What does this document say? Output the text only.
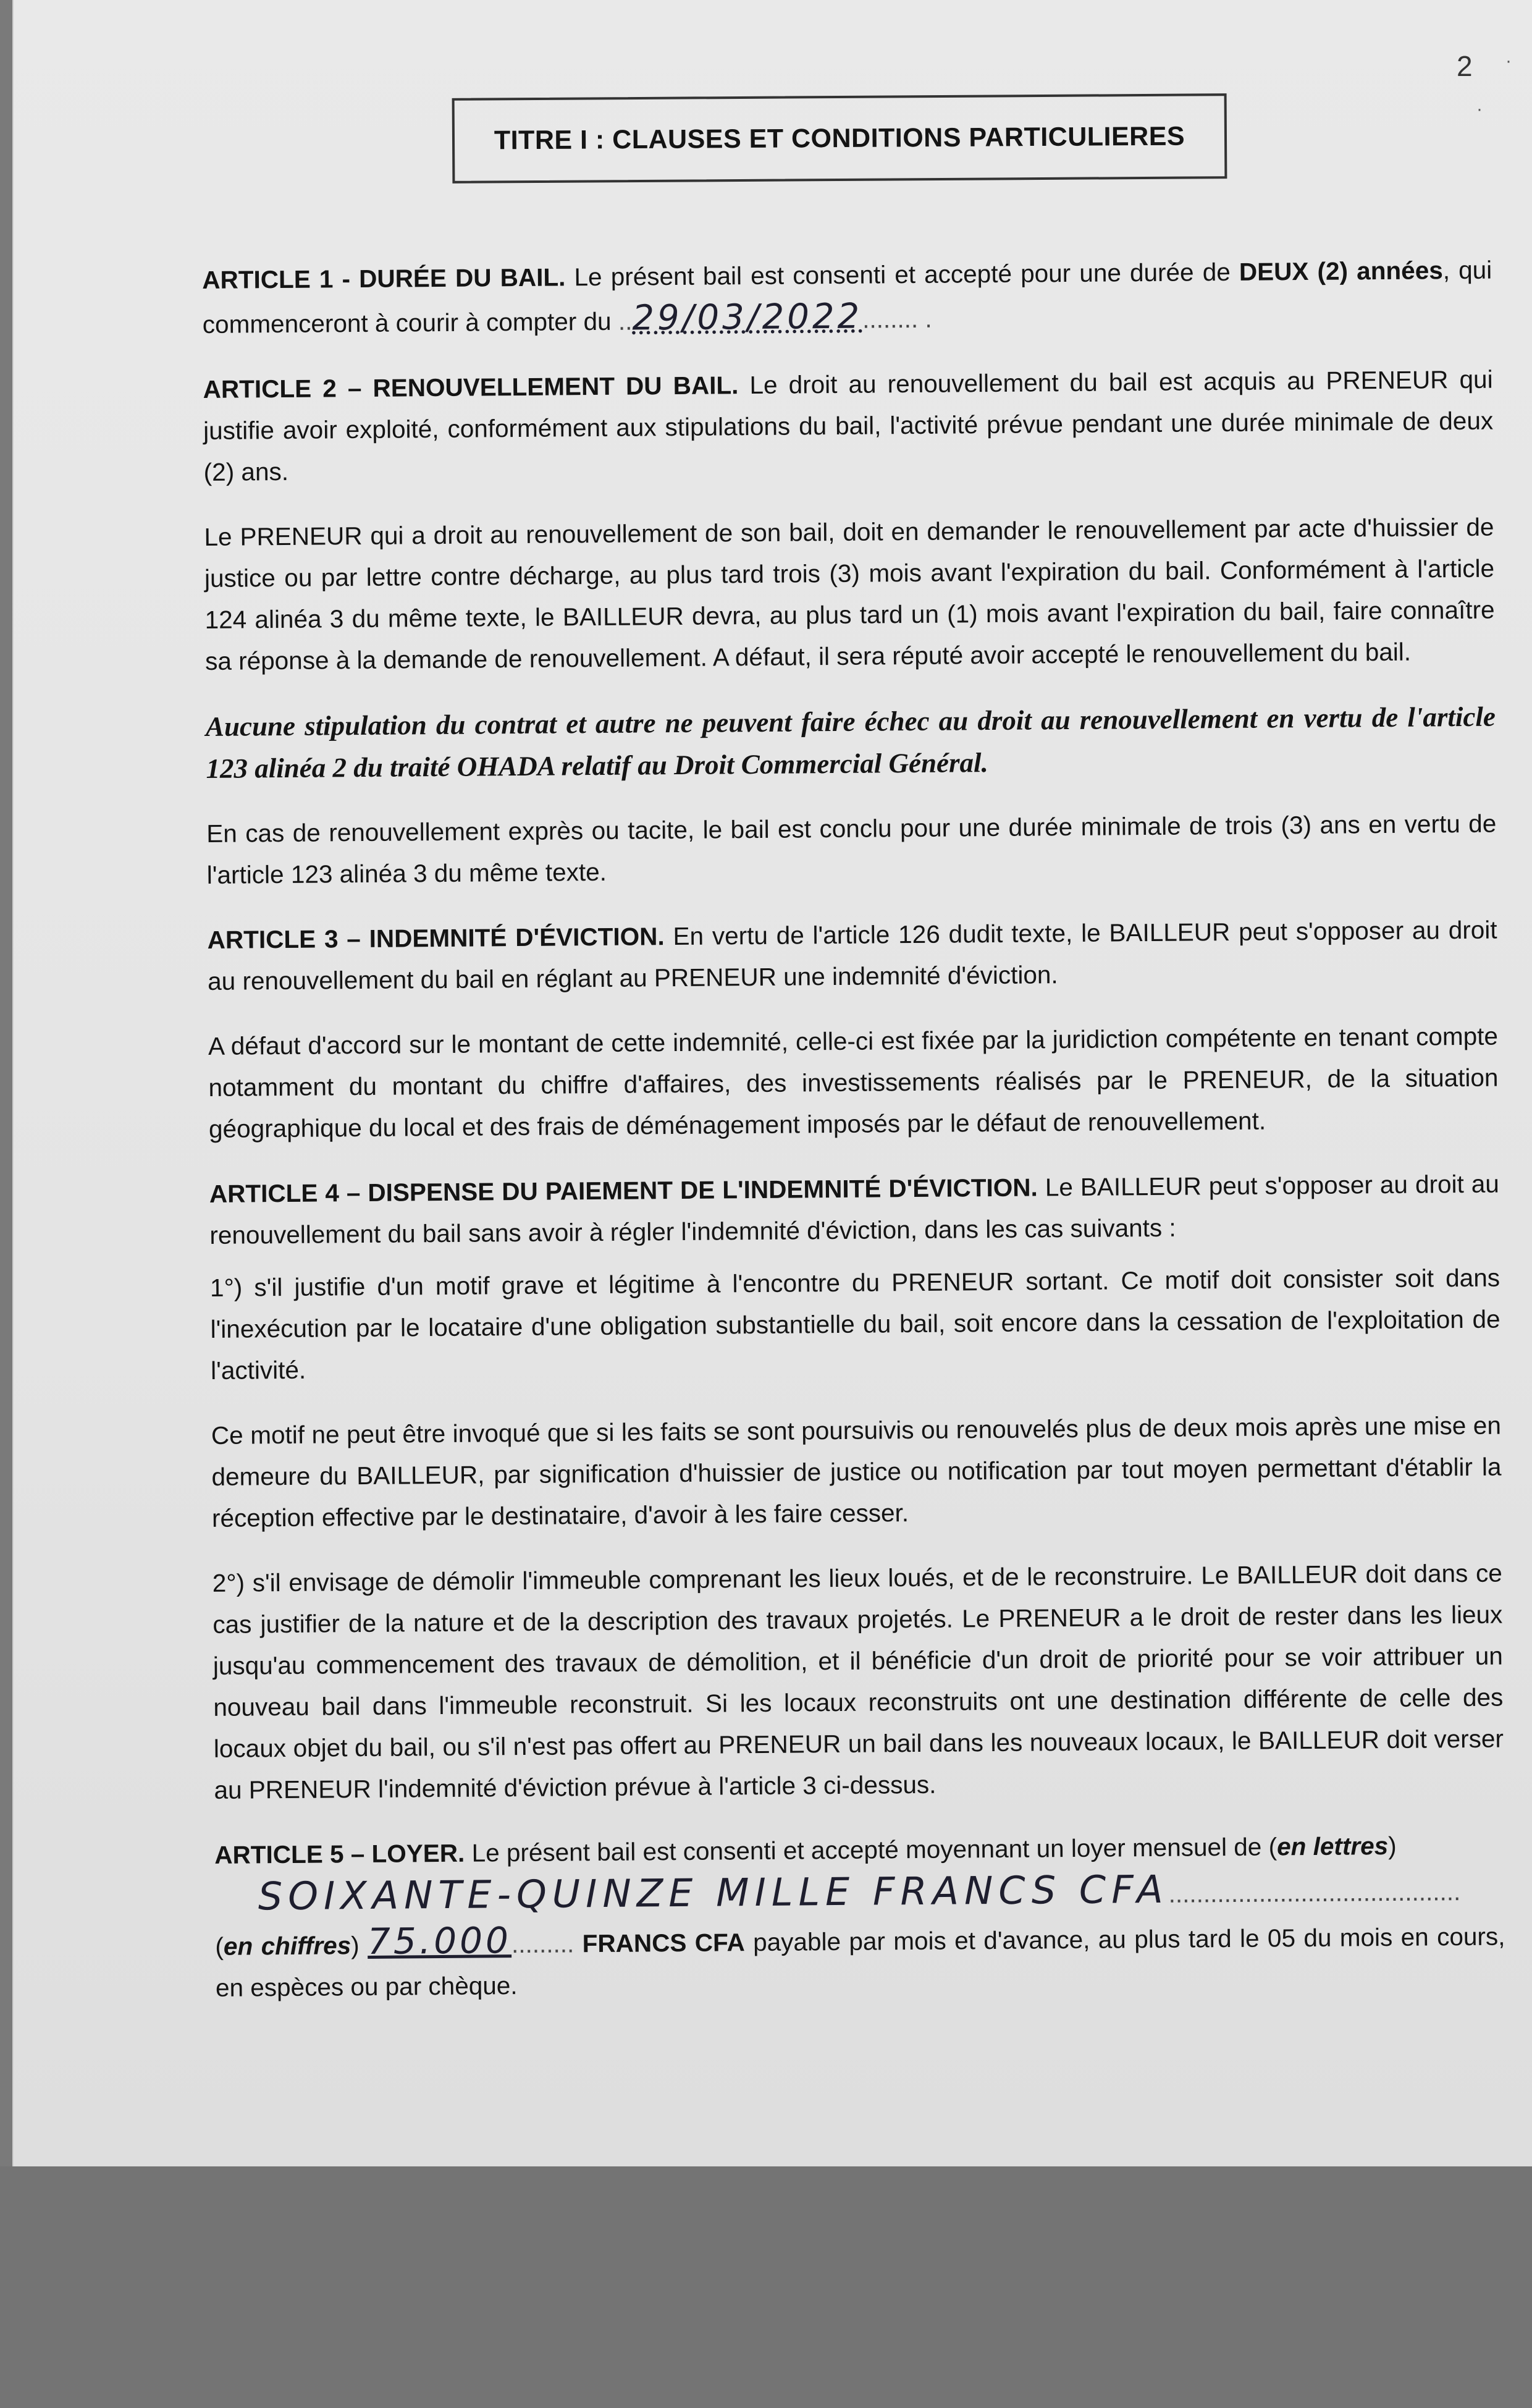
2 ·
·
TITRE I : CLAUSES ET CONDITIONS PARTICULIERES

ARTICLE 1 - DURÉE DU BAIL. Le présent bail est consenti et accepté pour une durée de DEUX (2) années, qui commenceront à courir à compter du ..29/03/2022........ .

ARTICLE 2 – RENOUVELLEMENT DU BAIL. Le droit au renouvellement du bail est acquis au PRENEUR qui justifie avoir exploité, conformément aux stipulations du bail, l'activité prévue pendant une durée minimale de deux (2) ans.

Le PRENEUR qui a droit au renouvellement de son bail, doit en demander le renouvellement par acte d'huissier de justice ou par lettre contre décharge, au plus tard trois (3) mois avant l'expiration du bail. Conformément à l'article 124 alinéa 3 du même texte, le BAILLEUR devra, au plus tard un (1) mois avant l'expiration du bail, faire connaître sa réponse à la demande de renouvellement. A défaut, il sera réputé avoir accepté le renouvellement du bail.

Aucune stipulation du contrat et autre ne peuvent faire échec au droit au renouvellement en vertu de l'article 123 alinéa 2 du traité OHADA relatif au Droit Commercial Général.

En cas de renouvellement exprès ou tacite, le bail est conclu pour une durée minimale de trois (3) ans en vertu de l'article 123 alinéa 3 du même texte.

ARTICLE 3 – INDEMNITÉ D'ÉVICTION. En vertu de l'article 126 dudit texte, le BAILLEUR peut s'opposer au droit au renouvellement du bail en réglant au PRENEUR une indemnité d'éviction.

A défaut d'accord sur le montant de cette indemnité, celle-ci est fixée par la juridiction compétente en tenant compte notamment du montant du chiffre d'affaires, des investissements réalisés par le PRENEUR, de la situation géographique du local et des frais de déménagement imposés par le défaut de renouvellement.

ARTICLE 4 – DISPENSE DU PAIEMENT DE L'INDEMNITÉ D'ÉVICTION. Le BAILLEUR peut s'opposer au droit au renouvellement du bail sans avoir à régler l'indemnité d'éviction, dans les cas suivants :

1°) s'il justifie d'un motif grave et légitime à l'encontre du PRENEUR sortant. Ce motif doit consister soit dans l'inexécution par le locataire d'une obligation substantielle du bail, soit encore dans la cessation de l'exploitation de l'activité.

Ce motif ne peut être invoqué que si les faits se sont poursuivis ou renouvelés plus de deux mois après une mise en demeure du BAILLEUR, par signification d'huissier de justice ou notification par tout moyen permettant d'établir la réception effective par le destinataire, d'avoir à les faire cesser.

2°) s'il envisage de démolir l'immeuble comprenant les lieux loués, et de le reconstruire. Le BAILLEUR doit dans ce cas justifier de la nature et de la description des travaux projetés. Le PRENEUR a le droit de rester dans les lieux jusqu'au commencement des travaux de démolition, et il bénéficie d'un droit de priorité pour se voir attribuer un nouveau bail dans l'immeuble reconstruit. Si les locaux reconstruits ont une destination différente de celle des locaux objet du bail, ou s'il n'est pas offert au PRENEUR un bail dans les nouveaux locaux, le BAILLEUR doit verser au PRENEUR l'indemnité d'éviction prévue à l'article 3 ci-dessus.

ARTICLE 5 – LOYER. Le présent bail est consenti et accepté moyennant un loyer mensuel de (en lettres)
SOIXANTE-QUINZE MILLE FRANCS CFA..........................................
(en chiffres) 75.000......... FRANCS CFA payable par mois et d'avance, au plus tard le 05 du mois en cours, en espèces ou par chèque.
